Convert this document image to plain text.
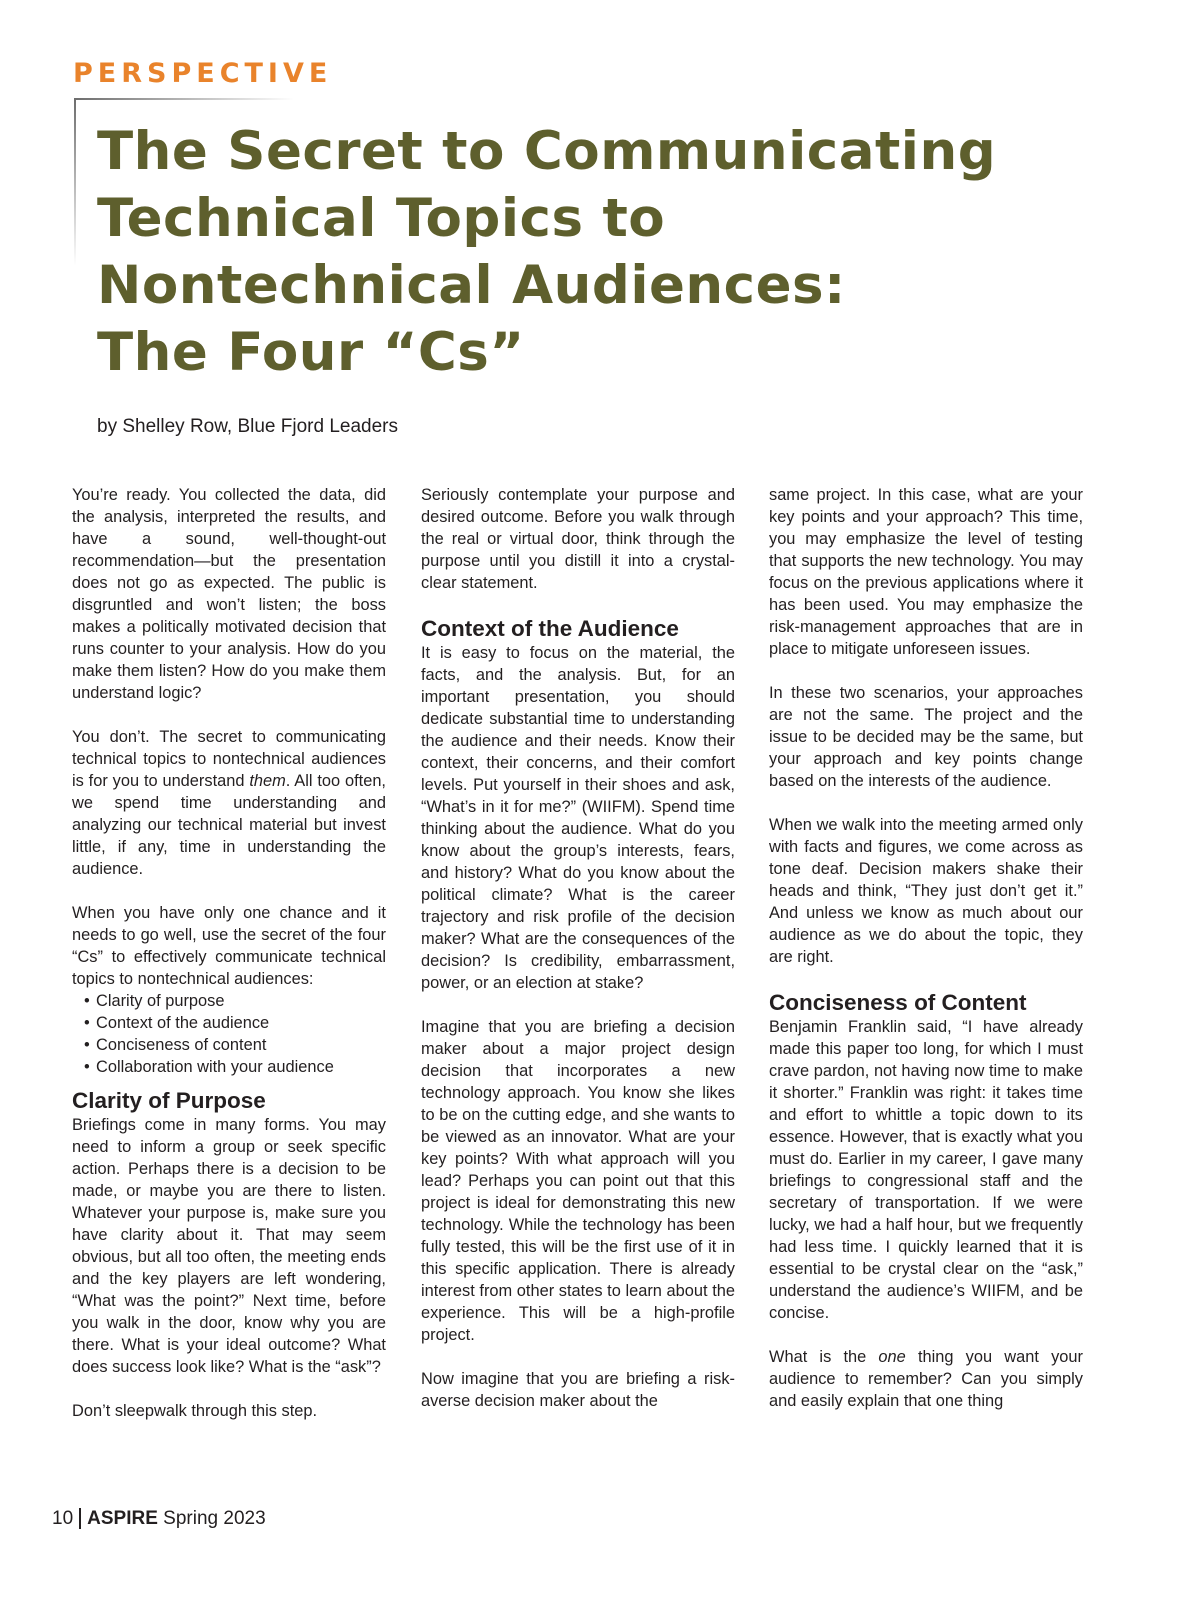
PERSPECTIVE
The Secret to Communicating
Technical Topics to
Nontechnical Audiences:
The Four “Cs”
by Shelley Row, Blue Fjord Leaders

You’re ready. You collected the data, did the analysis, interpreted the results, and have a sound, well-thought-out recommendation—but the presentation does not go as expected. The public is disgruntled and won’t listen; the boss makes a politically motivated decision that runs counter to your analysis. How do you make them listen? How do you make them understand logic?

You don’t. The secret to communicating technical topics to nontechnical audiences is for you to understand them. All too often, we spend time understanding and analyzing our technical material but invest little, if any, time in understanding the audience.

When you have only one chance and it needs to go well, use the secret of the four “Cs” to effectively communicate technical topics to nontechnical audiences:

• Clarity of purpose
• Context of the audience
• Conciseness of content
• Collaboration with your audience
Clarity of Purpose

Briefings come in many forms. You may need to inform a group or seek specific action. Perhaps there is a decision to be made, or maybe you are there to listen. Whatever your purpose is, make sure you have clarity about it. That may seem obvious, but all too often, the meeting ends and the key players are left wondering, “What was the point?” Next time, before you walk in the door, know why you are there. What is your ideal outcome? What does success look like? What is the “ask”?

Don’t sleepwalk through this step.

Seriously contemplate your purpose and desired outcome. Before you walk through the real or virtual door, think through the purpose until you distill it into a crystal-clear statement.

Context of the Audience

It is easy to focus on the material, the facts, and the analysis. But, for an important presentation, you should dedicate substantial time to understanding the audience and their needs. Know their context, their concerns, and their comfort levels. Put yourself in their shoes and ask, “What’s in it for me?” (WIIFM). Spend time thinking about the audience. What do you know about the group’s interests, fears, and history? What do you know about the political climate? What is the career trajectory and risk profile of the decision maker? What are the consequences of the decision? Is credibility, embarrassment, power, or an election at stake?

Imagine that you are briefing a decision maker about a major project design decision that incorporates a new technology approach. You know she likes to be on the cutting edge, and she wants to be viewed as an innovator. What are your key points? With what approach will you lead? Perhaps you can point out that this project is ideal for demonstrating this new technology. While the technology has been fully tested, this will be the first use of it in this specific application. There is already interest from other states to learn about the experience. This will be a high-profile project.

Now imagine that you are briefing a risk-averse decision maker about the

same project. In this case, what are your key points and your approach? This time, you may emphasize the level of testing that supports the new technology. You may focus on the previous applications where it has been used. You may emphasize the risk-management approaches that are in place to mitigate unforeseen issues.

In these two scenarios, your approaches are not the same. The project and the issue to be decided may be the same, but your approach and key points change based on the interests of the audience.

When we walk into the meeting armed only with facts and figures, we come across as tone deaf. Decision makers shake their heads and think, “They just don’t get it.” And unless we know as much about our audience as we do about the topic, they are right.

Conciseness of Content

Benjamin Franklin said, “I have already made this paper too long, for which I must crave pardon, not having now time to make it shorter.” Franklin was right: it takes time and effort to whittle a topic down to its essence. However, that is exactly what you must do. Earlier in my career, I gave many briefings to congressional staff and the secretary of transportation. If we were lucky, we had a half hour, but we frequently had less time. I quickly learned that it is essential to be crystal clear on the “ask,” understand the audience’s WIIFM, and be concise.

What is the one thing you want your audience to remember? Can you simply and easily explain that one thing

10 ASPIRE Spring 2023
